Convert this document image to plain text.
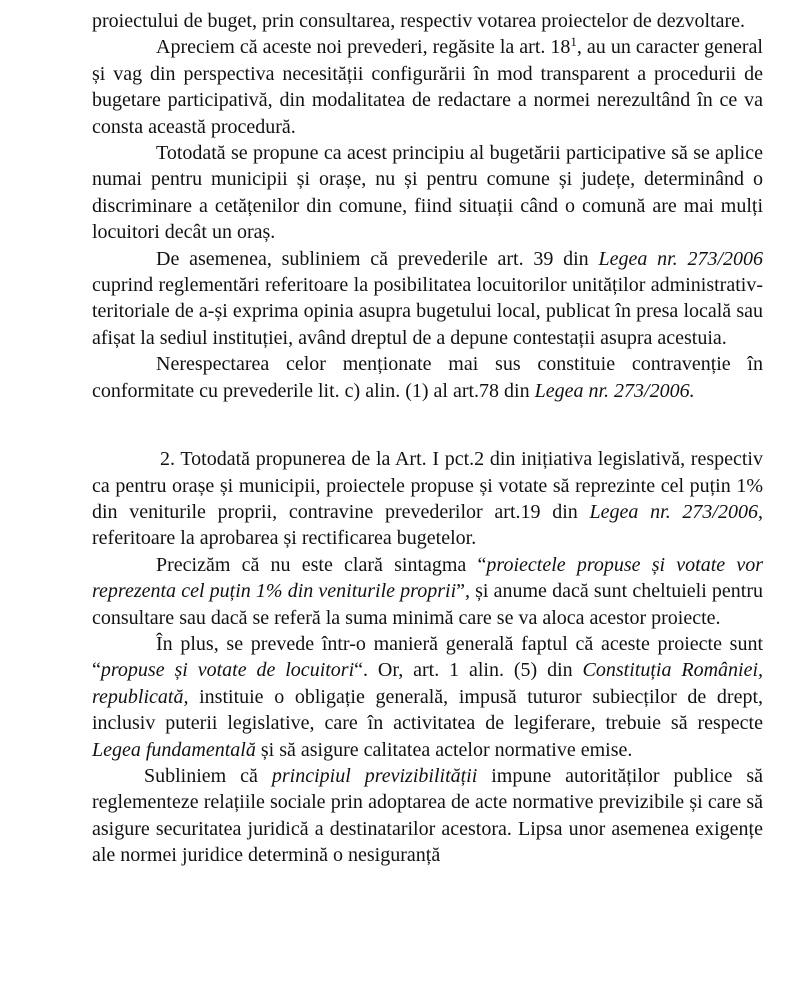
proiectului de buget, prin consultarea, respectiv votarea proiectelor de dezvoltare.

Apreciem că aceste noi prevederi, regăsite la art. $18^1$, au un caracter general și vag din perspectiva necesității configurării în mod transparent a procedurii de bugetare participativă, din modalitatea de redactare a normei nerezultând în ce va consta această procedură.

Totodată se propune ca acest principiu al bugetării participative să se aplice numai pentru municipii și orașe, nu și pentru comune și județe, determinând o discriminare a cetățenilor din comune, fiind situații când o comună are mai mulți locuitori decât un oraș.

De asemenea, subliniem că prevederile art. 39 din Legea nr. 273/2006 cuprind reglementări referitoare la posibilitatea locuitorilor unităților administrativ-teritoriale de a-și exprima opinia asupra bugetului local, publicat în presa locală sau afișat la sediul instituției, având dreptul de a depune contestații asupra acestuia.

Nerespectarea celor menționate mai sus constituie contravenție în conformitate cu prevederile lit. c) alin. (1) al art.78 din Legea nr. 273/2006.

2. Totodată propunerea de la Art. I pct.2 din inițiativa legislativă, respectiv ca pentru orașe și municipii, proiectele propuse și votate să reprezinte cel puțin 1% din veniturile proprii, contravine prevederilor art.19 din Legea nr. 273/2006, referitoare la aprobarea și rectificarea bugetelor.

Precizăm că nu este clară sintagma “proiectele propuse și votate vor reprezenta cel puțin 1% din veniturile proprii”, și anume dacă sunt cheltuieli pentru consultare sau dacă se referă la suma minimă care se va aloca acestor proiecte.

În plus, se prevede într-o manieră generală faptul că aceste proiecte sunt “propuse și votate de locuitori“. Or, art. 1 alin. (5) din Constituția României, republicată, instituie o obligație generală, impusă tuturor subiecților de drept, inclusiv puterii legislative, care în activitatea de legiferare, trebuie să respecte Legea fundamentală și să asigure calitatea actelor normative emise.

Subliniem că principiul previzibilității impune autorităților publice să reglementeze relațiile sociale prin adoptarea de acte normative previzibile și care să asigure securitatea juridică a destinatarilor acestora. Lipsa unor asemenea exigențe ale normei juridice determină o nesiguranță
